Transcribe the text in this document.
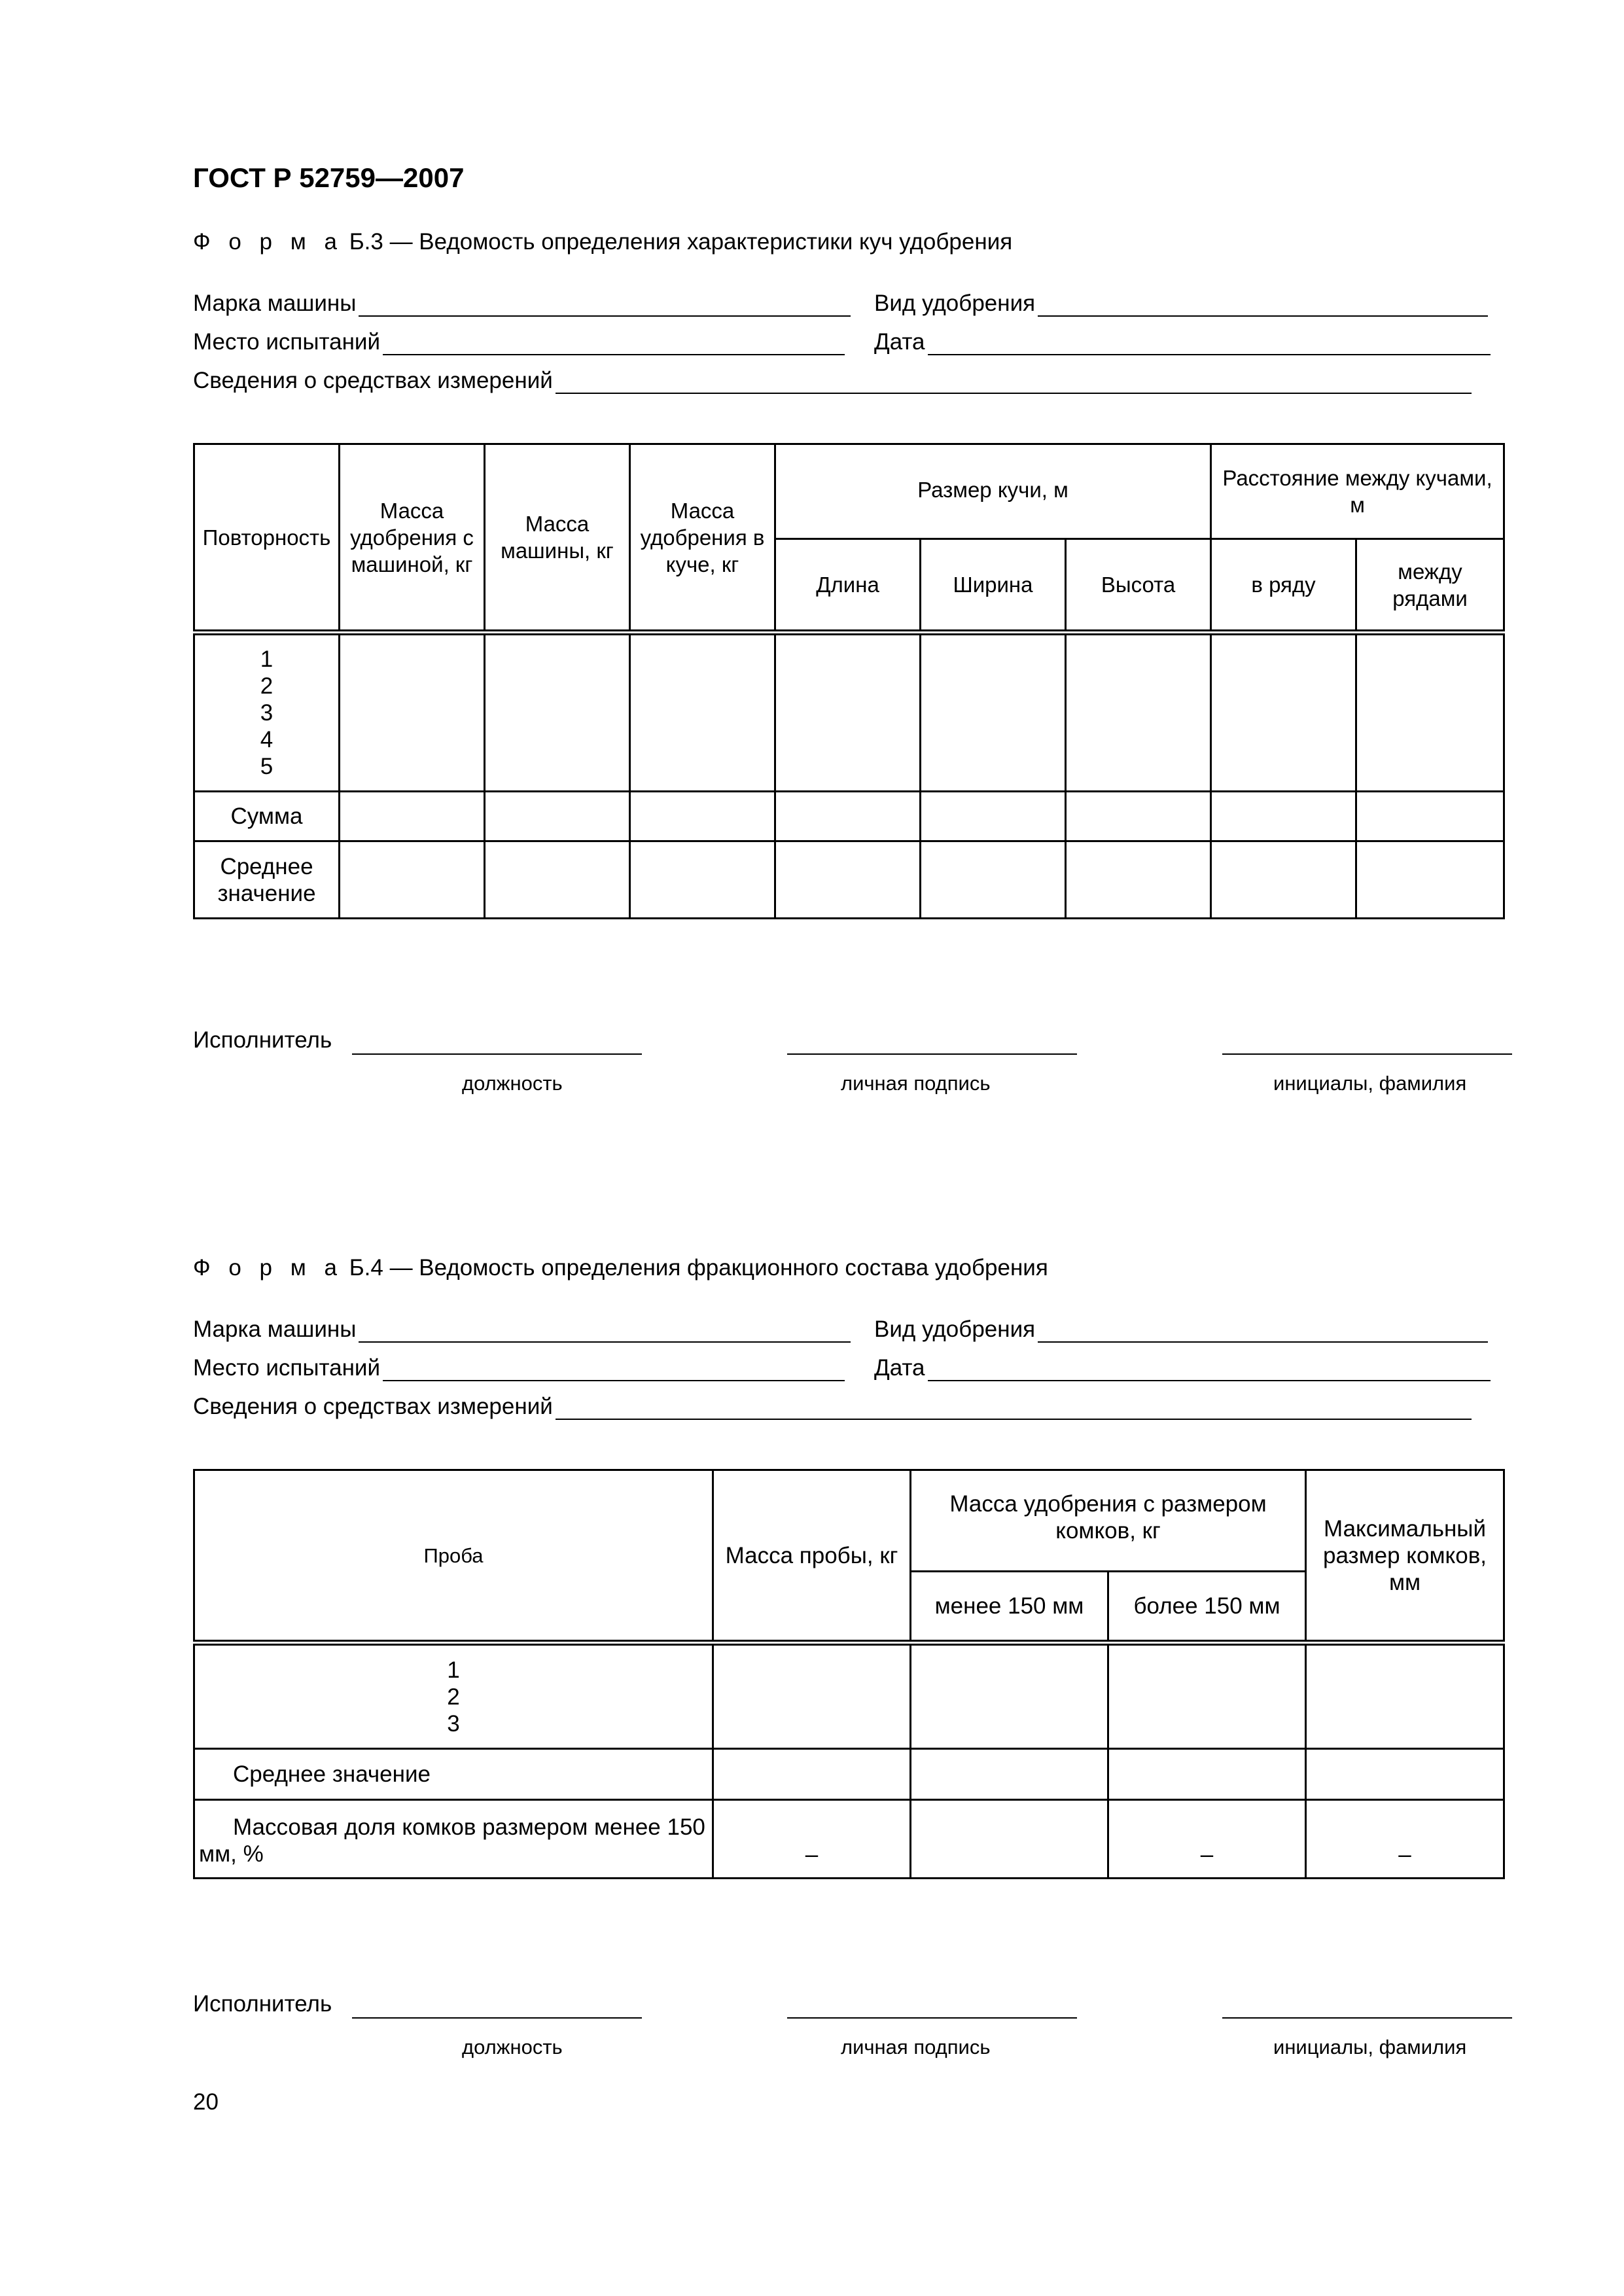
ГОСТ Р 52759—2007
Ф о р м а Б.3 — Ведомость определения характеристики куч удобрения
Марка машины	Вид удобрения
Место испытаний	Дата
Сведения о средствах измерений
Повторность	Масса удобрения с машиной, кг	Масса машины, кг	Масса удобрения в куче, кг	Размер кучи, м			Расстояние между кучами, м	
				Длина	Ширина	Высота	в ряду	между рядами

1
2
3
4
5								

Сумма								
Среднее значение								
Исполнитель
должность	личная подпись	инициалы, фамилия
Ф о р м а Б.4 — Ведомость определения фракционного состава удобрения
Марка машины	Вид удобрения
Место испытаний	Дата
Сведения о средствах измерений
Проба	Масса пробы, кг	Масса удобрения с размером комков, кг		Максимальный размер комков, мм
		менее 150 мм	более 150 мм	

1
2
3				

Среднее значение				
Массовая доля комков размером менее 150 мм, %	–		–	–
Исполнитель
должность	личная подпись	инициалы, фамилия
20
